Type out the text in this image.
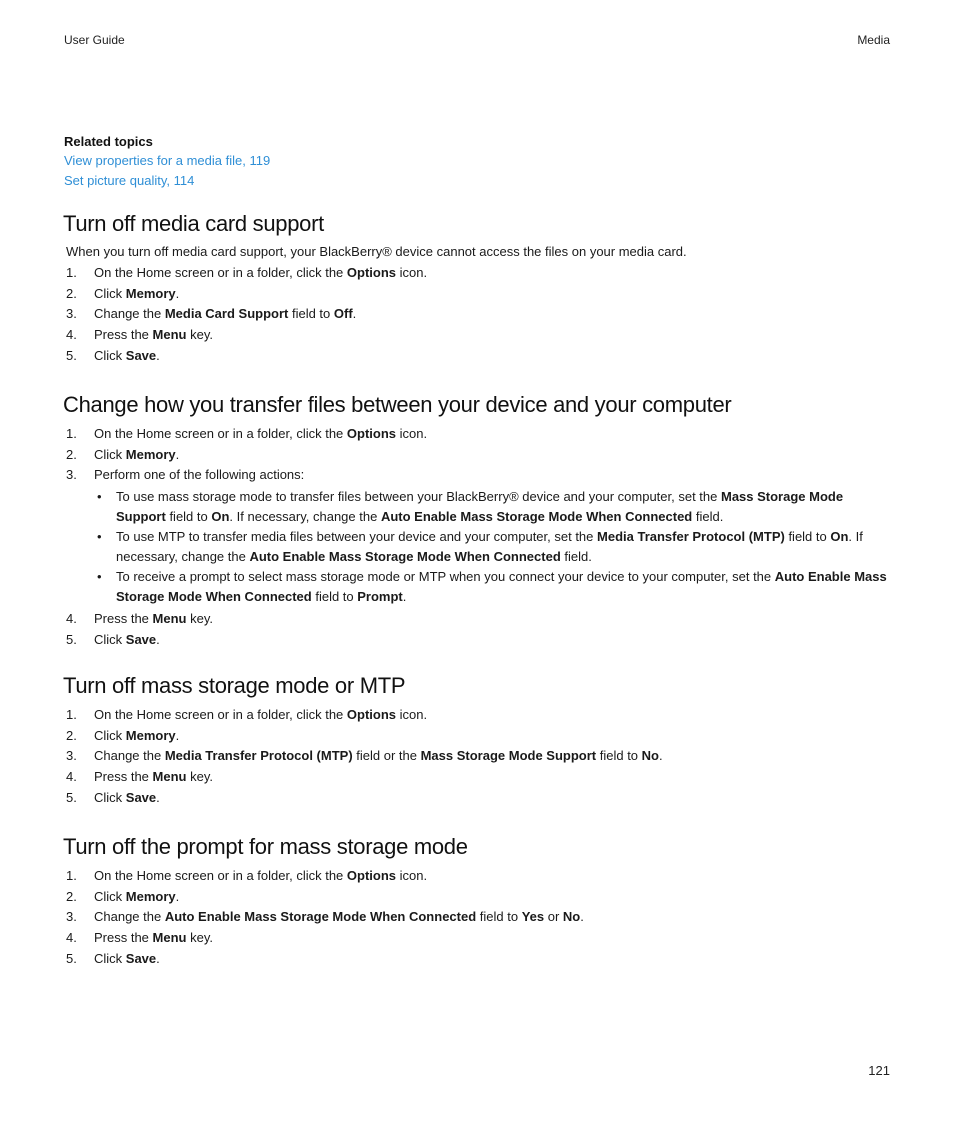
User Guide	Media
Related topics
View properties for a media file, 119
Set picture quality, 114
Turn off media card support
When you turn off media card support, your BlackBerry® device cannot access the files on your media card.
1. On the Home screen or in a folder, click the Options icon.
2. Click Memory.
3. Change the Media Card Support field to Off.
4. Press the Menu key.
5. Click Save.
Change how you transfer files between your device and your computer
1. On the Home screen or in a folder, click the Options icon.
2. Click Memory.
3. Perform one of the following actions:
• To use mass storage mode to transfer files between your BlackBerry® device and your computer, set the Mass Storage Mode Support field to On. If necessary, change the Auto Enable Mass Storage Mode When Connected field.
• To use MTP to transfer media files between your device and your computer, set the Media Transfer Protocol (MTP) field to On. If necessary, change the Auto Enable Mass Storage Mode When Connected field.
• To receive a prompt to select mass storage mode or MTP when you connect your device to your computer, set the Auto Enable Mass Storage Mode When Connected field to Prompt.
4. Press the Menu key.
5. Click Save.
Turn off mass storage mode or MTP
1. On the Home screen or in a folder, click the Options icon.
2. Click Memory.
3. Change the Media Transfer Protocol (MTP) field or the Mass Storage Mode Support field to No.
4. Press the Menu key.
5. Click Save.
Turn off the prompt for mass storage mode
1. On the Home screen or in a folder, click the Options icon.
2. Click Memory.
3. Change the Auto Enable Mass Storage Mode When Connected field to Yes or No.
4. Press the Menu key.
5. Click Save.
121
